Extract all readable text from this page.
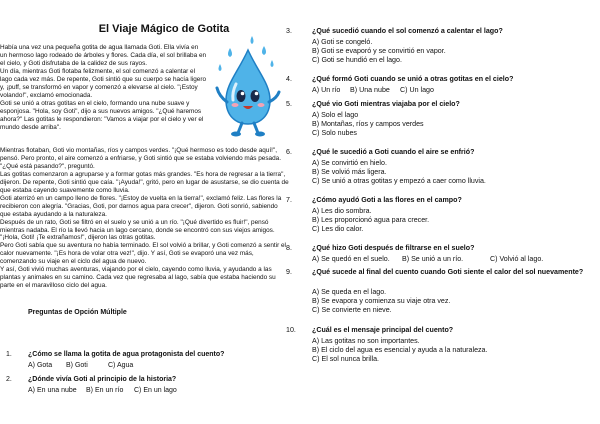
El Viaje Mágico de Gotita

Había una vez una pequeña gotita de agua llamada Goti. Ella vivía en un hermoso lago rodeado de árboles y flores. Cada día, el sol brillaba en el cielo, y Goti disfrutaba de la calidez de sus rayos.

Un día, mientras Goti flotaba felizmente, el sol comenzó a calentar el lago cada vez más. De repente, Goti sintió que su cuerpo se hacía ligero y, ¡puff, se transformó en vapor y comenzó a elevarse al cielo. "¡Estoy volando!", exclamó emocionada.

Goti se unió a otras gotitas en el cielo, formando una nube suave y esponjosa. "Hola, soy Goti", dijo a sus nuevos amigos. "¿Qué haremos ahora?" Las gotitas le respondieron: "Vamos a viajar por el cielo y ver el mundo desde arriba".

Mientras flotaban, Goti vio montañas, ríos y campos verdes. "¡Qué hermoso es todo desde aquí!", pensó. Pero pronto, el aire comenzó a enfriarse, y Goti sintió que se estaba volviendo más pesada. "¿Qué está pasando?", preguntó.

Las gotitas comenzaron a agruparse y a formar gotas más grandes. "Es hora de regresar a la tierra", dijeron. De repente, Goti sintió que caía. "¡Ayuda!", gritó, pero en lugar de asustarse, se dio cuenta de que estaba cayendo suavemente como lluvia.

Goti aterrizó en un campo lleno de flores. "¡Estoy de vuelta en la tierra!", exclamó feliz. Las flores la recibieron con alegría. "Gracias, Goti, por darnos agua para crecer", dijeron. Goti sonrió, sabiendo que estaba ayudando a la naturaleza.

Después de un rato, Goti se filtró en el suelo y se unió a un río. "¡Qué divertido es fluir!", pensó mientras nadaba. El río la llevó hacia un lago cercano, donde se encontró con sus viejos amigos. "¡Hola, Goti! ¡Te extrañamos!", dijeron las otras gotitas.

Pero Goti sabía que su aventura no había terminado. El sol volvió a brillar, y Goti comenzó a sentir el calor nuevamente. "¡Es hora de volar otra vez!", dijo. Y así, Goti se evaporó una vez más, comenzando su viaje en el ciclo del agua de nuevo.

Y así, Goti vivió muchas aventuras, viajando por el cielo, cayendo como lluvia, y ayudando a las plantas y animales en su camino. Cada vez que regresaba al lago, sabía que estaba haciendo su parte en el maravilloso ciclo del agua.

Preguntas de Opción Múltiple
1. ¿Cómo se llama la gotita de agua protagonista del cuento?
A) Gota B) Goti	C) Agua
2. ¿Dónde vivía Goti al principio de la historia?
A) En una nube B) En un río C) En un lago
3.	¿Qué sucedió cuando el sol comenzó a calentar el lago?
A) Goti se congeló.
B) Goti se evaporó y se convirtió en vapor.
C) Goti se hundió en el lago.
4.	¿Qué formó Goti cuando se unió a otras gotitas en el cielo?
A) Un río B) Una nube C) Un lago
5.	¿Qué vio Goti mientras viajaba por el cielo?
A) Solo el lago
B) Montañas, ríos y campos verdes
C) Solo nubes
6.	¿Qué le sucedió a Goti cuando el aire se enfrió?
A) Se convirtió en hielo.
B) Se volvió más ligera.
C) Se unió a otras gotitas y empezó a caer como lluvia.
7.	¿Cómo ayudó Goti a las flores en el campo?
A) Les dio sombra.
B) Les proporcionó agua para crecer.
C) Les dio calor.
8.	¿Qué hizo Goti después de filtrarse en el suelo?
A) Se quedó en el suelo. B) Se unió a un río.	C) Volvió al lago.
9.	¿Qué sucede al final del cuento cuando Goti siente el calor del sol nuevamente?
A) Se queda en el lago.
B) Se evapora y comienza su viaje otra vez.
C) Se convierte en nieve.
10. ¿Cuál es el mensaje principal del cuento?
A) Las gotitas no son importantes.
B) El ciclo del agua es esencial y ayuda a la naturaleza.
C) El sol nunca brilla.
